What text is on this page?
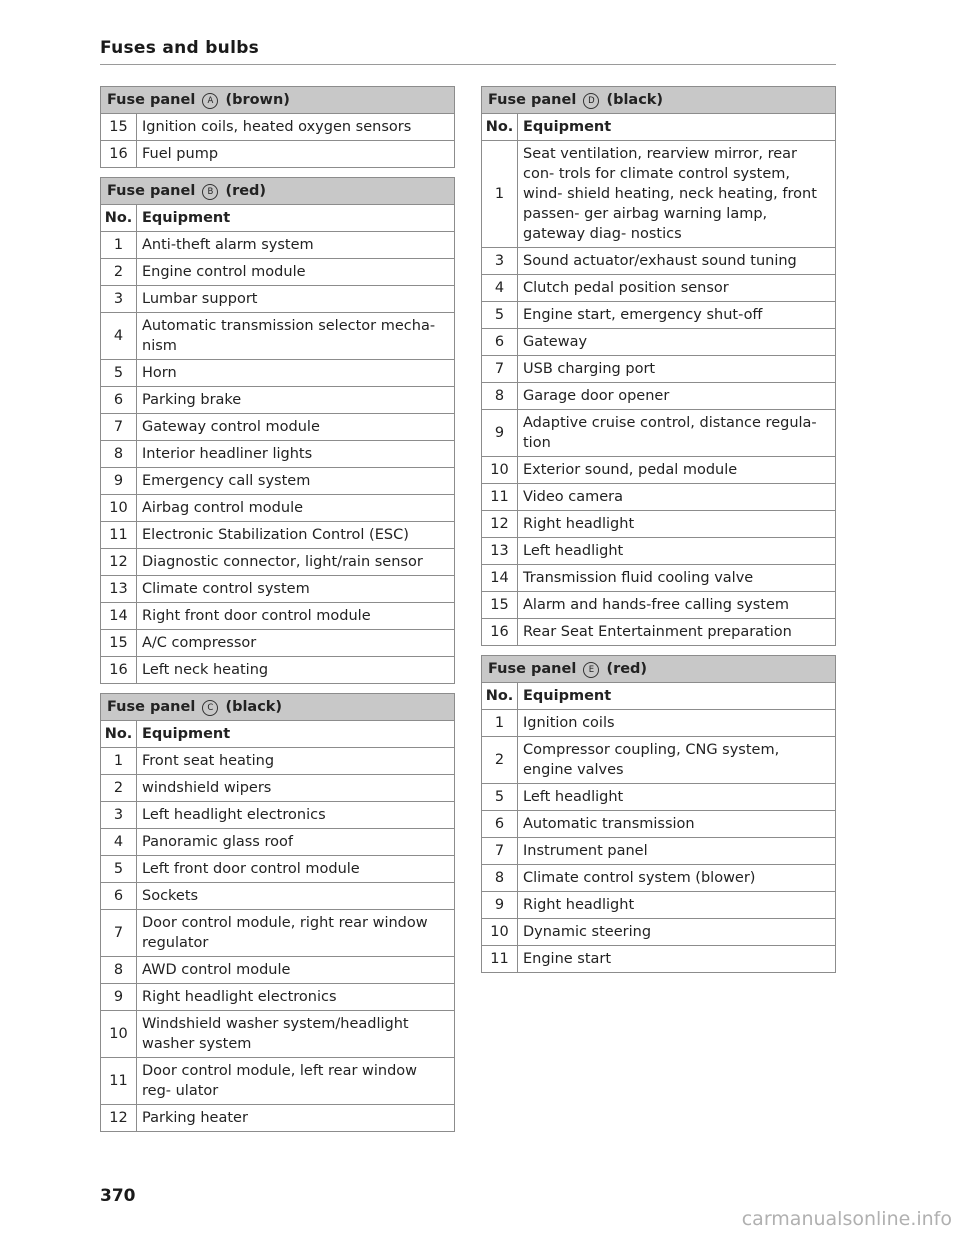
Fuses and bulbs
Fuse panel A (brown)	
15	Ignition coils, heated oxygen sensors
16	Fuel pump
Fuse panel B (red)	
No.	Equipment
1	Anti-theft alarm system
2	Engine control module
3	Lumbar support
4	Automatic transmission selector mecha- nism
5	Horn
6	Parking brake
7	Gateway control module
8	Interior headliner lights
9	Emergency call system
10	Airbag control module
11	Electronic Stabilization Control (ESC)
12	Diagnostic connector, light/rain sensor
13	Climate control system
14	Right front door control module
15	A/C compressor
16	Left neck heating
Fuse panel C (black)	
No.	Equipment
1	Front seat heating
2	windshield wipers
3	Left headlight electronics
4	Panoramic glass roof
5	Left front door control module
6	Sockets
7	Door control module, right rear window regulator
8	AWD control module
9	Right headlight electronics
10	Windshield washer system/headlight washer system
11	Door control module, left rear window reg- ulator
12	Parking heater
Fuse panel D (black)	
No.	Equipment
1	Seat ventilation, rearview mirror, rear con- trols for climate control system, wind- shield heating, neck heating, front passen- ger airbag warning lamp, gateway diag- nostics
3	Sound actuator/exhaust sound tuning
4	Clutch pedal position sensor
5	Engine start, emergency shut-off
6	Gateway
7	USB charging port
8	Garage door opener
9	Adaptive cruise control, distance regula- tion
10	Exterior sound, pedal module
11	Video camera
12	Right headlight
13	Left headlight
14	Transmission fluid cooling valve
15	Alarm and hands-free calling system
16	Rear Seat Entertainment preparation
Fuse panel E (red)	
No.	Equipment
1	Ignition coils
2	Compressor coupling, CNG system, engine valves
5	Left headlight
6	Automatic transmission
7	Instrument panel
8	Climate control system (blower)
9	Right headlight
10	Dynamic steering
11	Engine start
370
carmanualsonline.info
